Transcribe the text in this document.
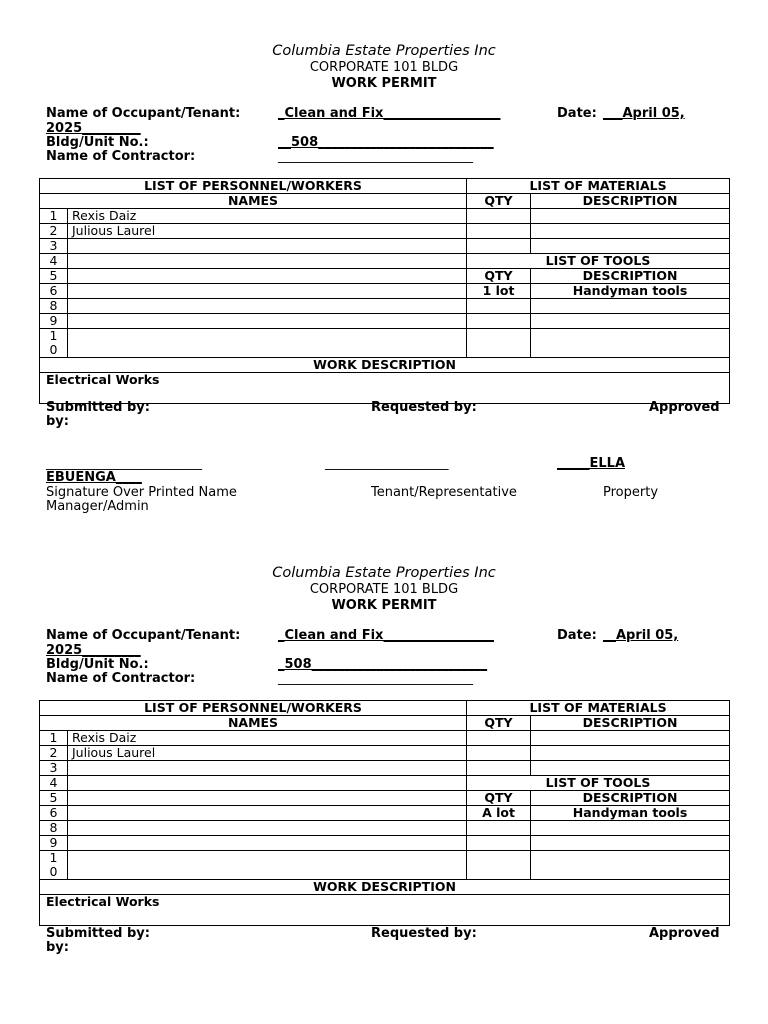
Columbia Estate Properties Inc
CORPORATE 101 BLDG
WORK PERMIT
Name of Occupant/Tenant:	_Clean and Fix__________________	Date: ___April 05,
2025_________
Bldg/Unit No.:	__508___________________________
Name of Contractor:	______________________________
LIST OF PERSONNEL/WORKERS		LIST OF MATERIALS	
NAMES		QTY	DESCRIPTION
1	Rexis Daiz		
2	Julious Laurel		
3			
4		LIST OF TOOLS	
5		QTY	DESCRIPTION
6		1 lot	Handyman tools
8			
9			
1
0			
WORK DESCRIPTION			
Electrical Works			
Submitted by:	Requested by:	Approved
by:
________________________	___________________	_____ELLA
EBUENGA____
Signature Over Printed Name	Tenant/Representative	Property
Manager/Admin
Columbia Estate Properties Inc
CORPORATE 101 BLDG
WORK PERMIT
Name of Occupant/Tenant:	_Clean and Fix_________________	Date: __April 05,
2025_________
Bldg/Unit No.:	_508___________________________
Name of Contractor:	______________________________
LIST OF PERSONNEL/WORKERS		LIST OF MATERIALS	
NAMES		QTY	DESCRIPTION
1	Rexis Daiz		
2	Julious Laurel		
3			
4		LIST OF TOOLS	
5		QTY	DESCRIPTION
6		A lot	Handyman tools
8			
9			
1
0			
WORK DESCRIPTION			
Electrical Works			
Submitted by:	Requested by:	Approved
by:
